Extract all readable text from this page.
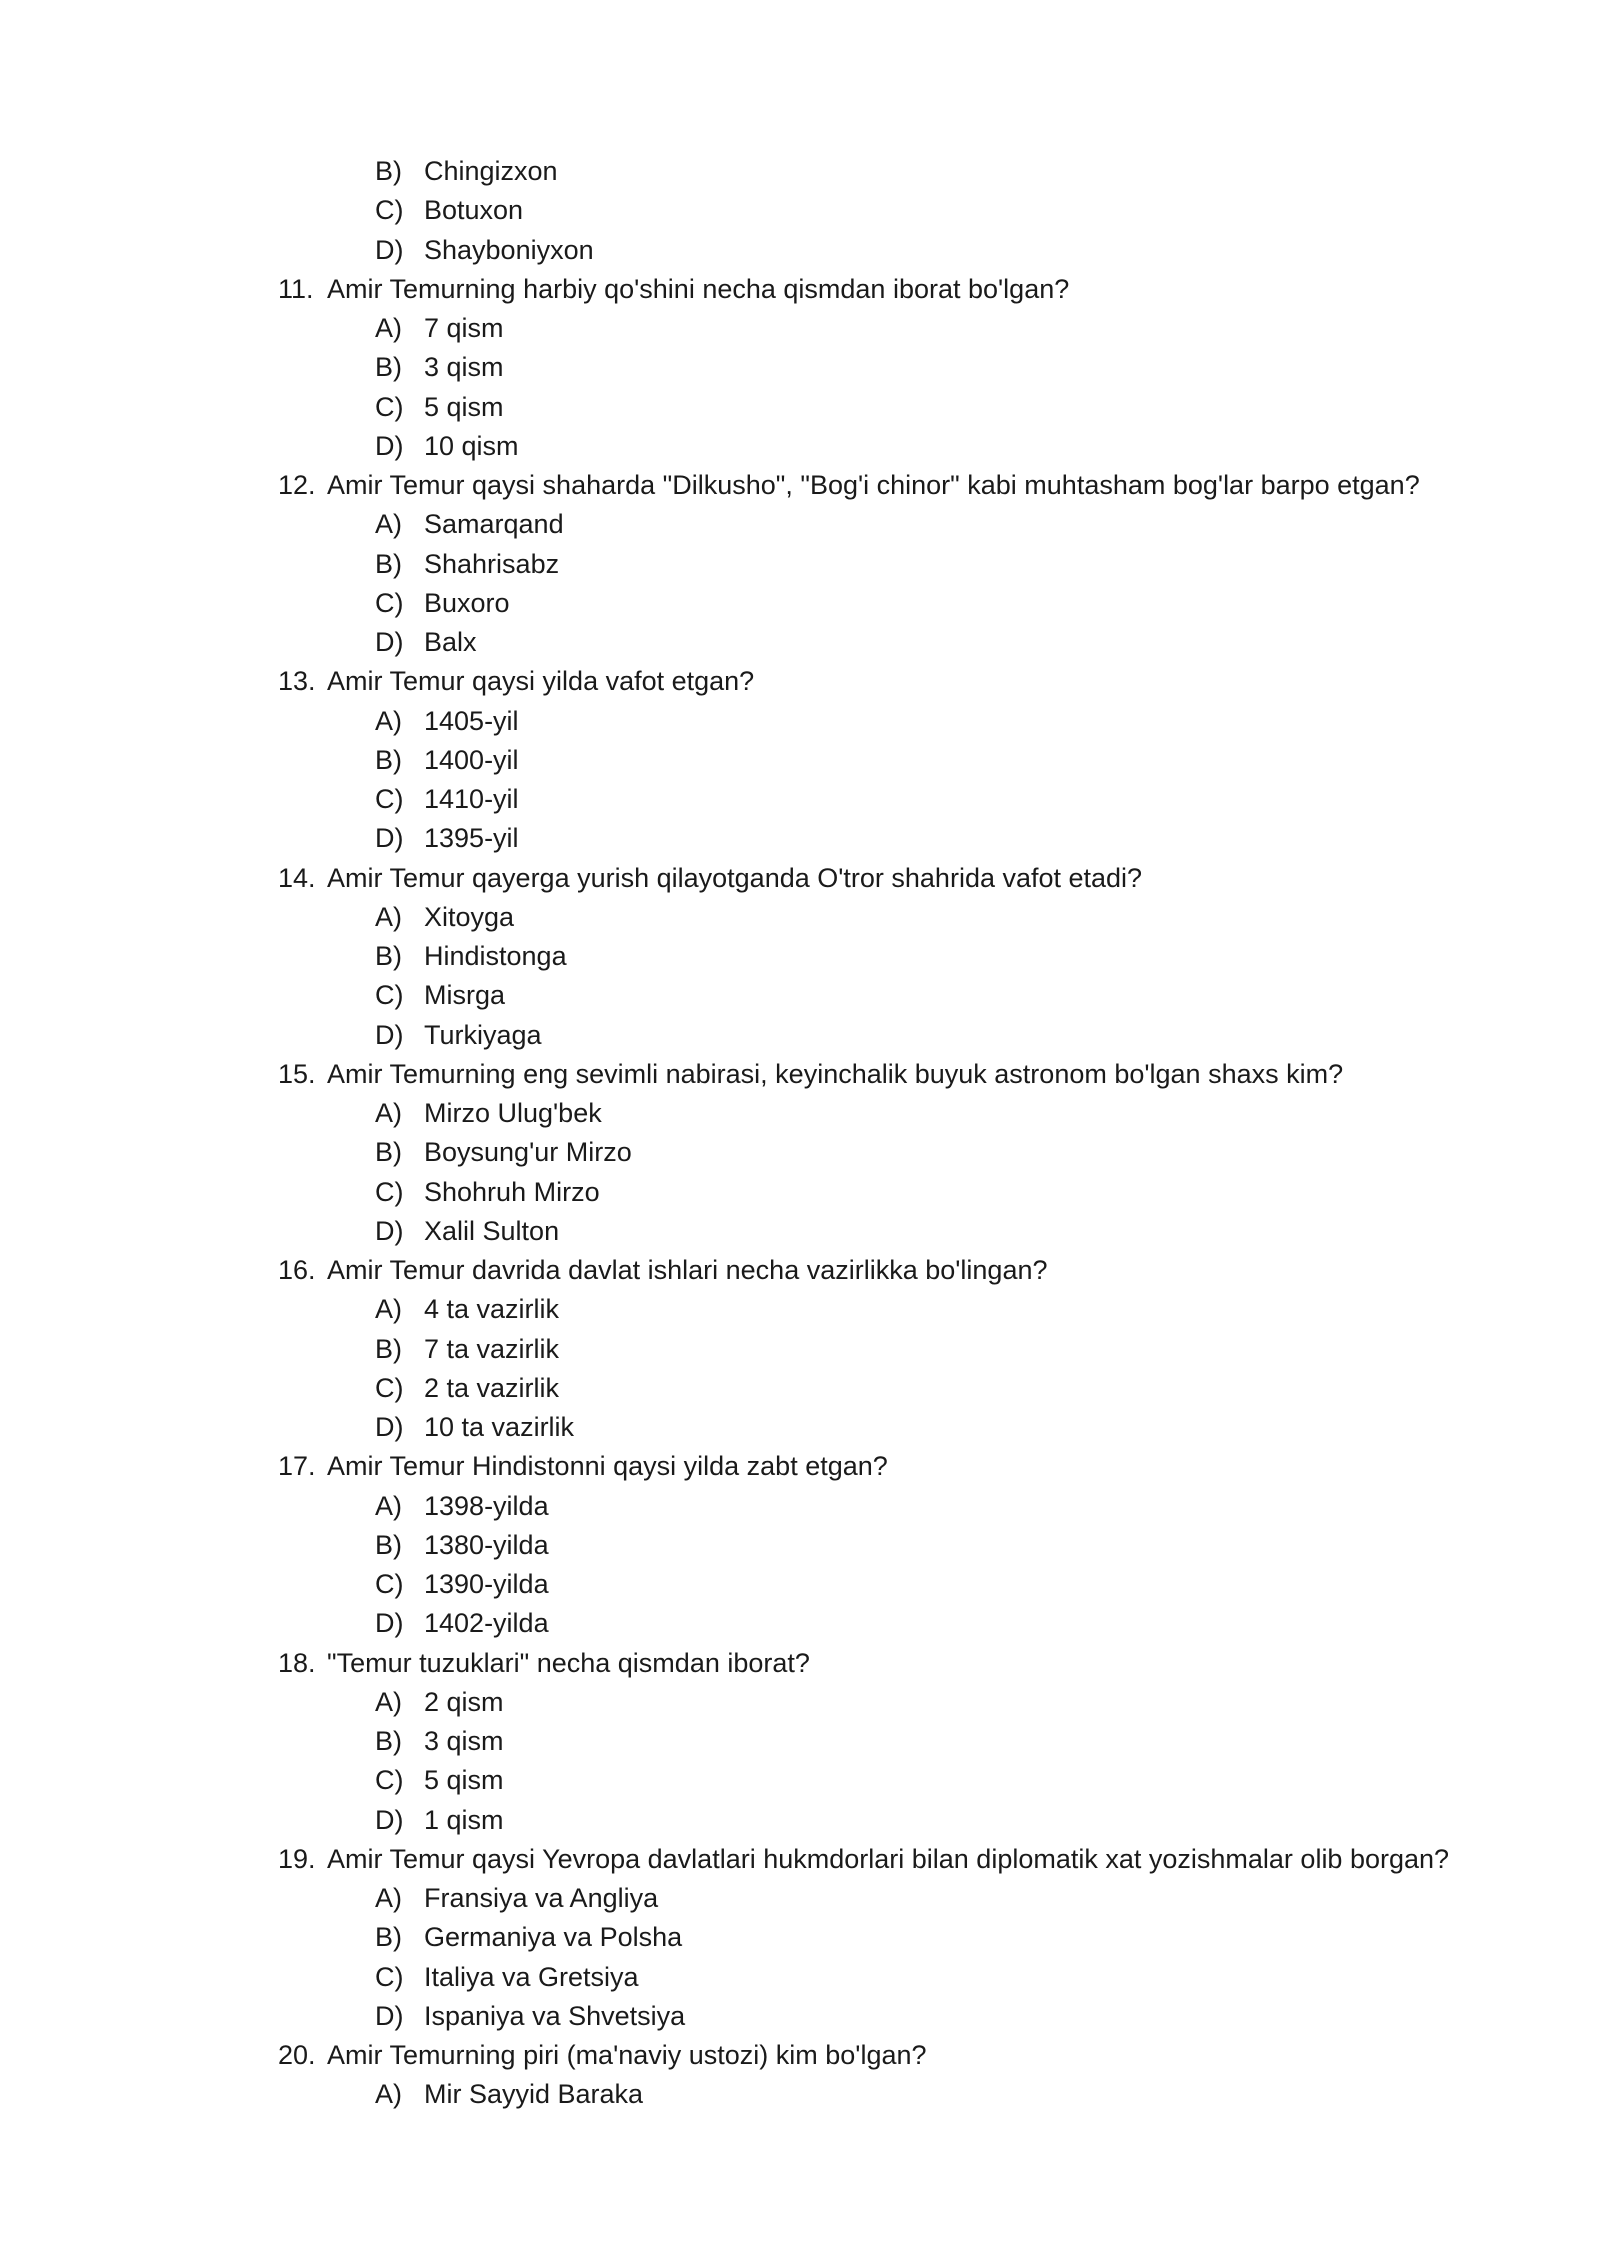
B) Chingizxon
C) Botuxon
D) Shayboniyxon
11. Amir Temurning harbiy qo'shini necha qismdan iborat bo'lgan?
A) 7 qism
B) 3 qism
C) 5 qism
D) 10 qism
12. Amir Temur qaysi shaharda "Dilkusho", "Bog'i chinor" kabi muhtasham bog'lar barpo etgan?
A) Samarqand
B) Shahrisabz
C) Buxoro
D) Balx
13. Amir Temur qaysi yilda vafot etgan?
A) 1405-yil
B) 1400-yil
C) 1410-yil
D) 1395-yil
14. Amir Temur qayerga yurish qilayotganda O'tror shahrida vafot etadi?
A) Xitoyga
B) Hindistonga
C) Misrga
D) Turkiyaga
15. Amir Temurning eng sevimli nabirasi, keyinchalik buyuk astronom bo'lgan shaxs kim?
A) Mirzo Ulug'bek
B) Boysung'ur Mirzo
C) Shohruh Mirzo
D) Xalil Sulton
16. Amir Temur davrida davlat ishlari necha vazirlikka bo'lingan?
A) 4 ta vazirlik
B) 7 ta vazirlik
C) 2 ta vazirlik
D) 10 ta vazirlik
17. Amir Temur Hindistonni qaysi yilda zabt etgan?
A) 1398-yilda
B) 1380-yilda
C) 1390-yilda
D) 1402-yilda
18. "Temur tuzuklari" necha qismdan iborat?
A) 2 qism
B) 3 qism
C) 5 qism
D) 1 qism
19. Amir Temur qaysi Yevropa davlatlari hukmdorlari bilan diplomatik xat yozishmalar olib borgan?
A) Fransiya va Angliya
B) Germaniya va Polsha
C) Italiya va Gretsiya
D) Ispaniya va Shvetsiya
20. Amir Temurning piri (ma'naviy ustozi) kim bo'lgan?
A) Mir Sayyid Baraka
